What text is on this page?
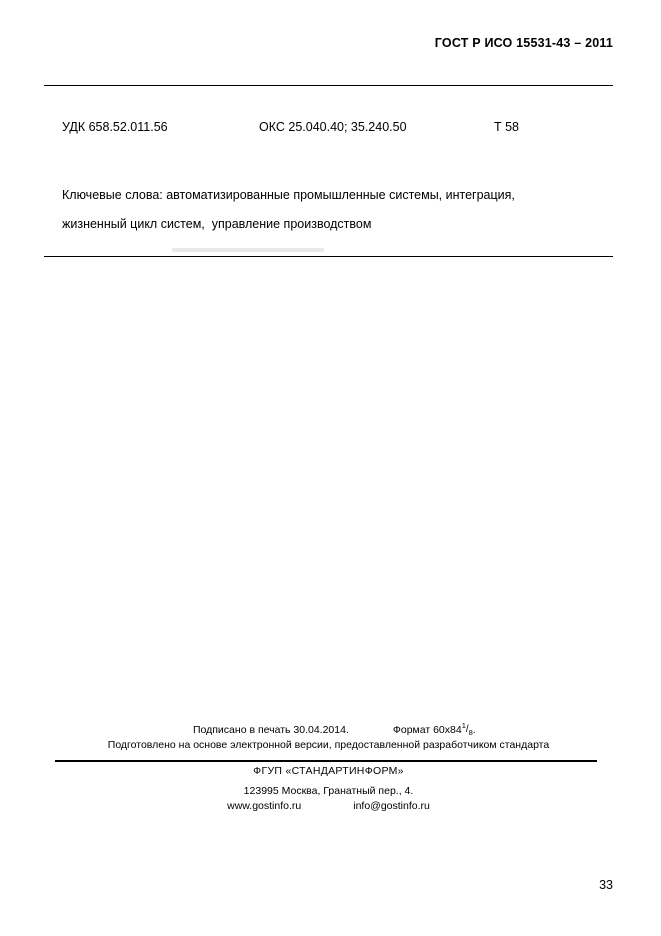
ГОСТ Р ИСО 15531-43 – 2011
УДК 658.52.011.56	ОКС 25.040.40; 35.240.50	Т 58
Ключевые слова: автоматизированные промышленные системы, интеграция,
жизненный цикл систем,  управление производством

Подписано в печать 30.04.2014.	Формат $60х84^1/_8$.

Подготовлено на основе электронной версии, предоставленной разработчиком стандарта

ФГУП «СТАНДАРТИНФОРМ»

123995 Москва, Гранатный пер., 4.

www.gostinfo.ru	info@gostinfo.ru

33
